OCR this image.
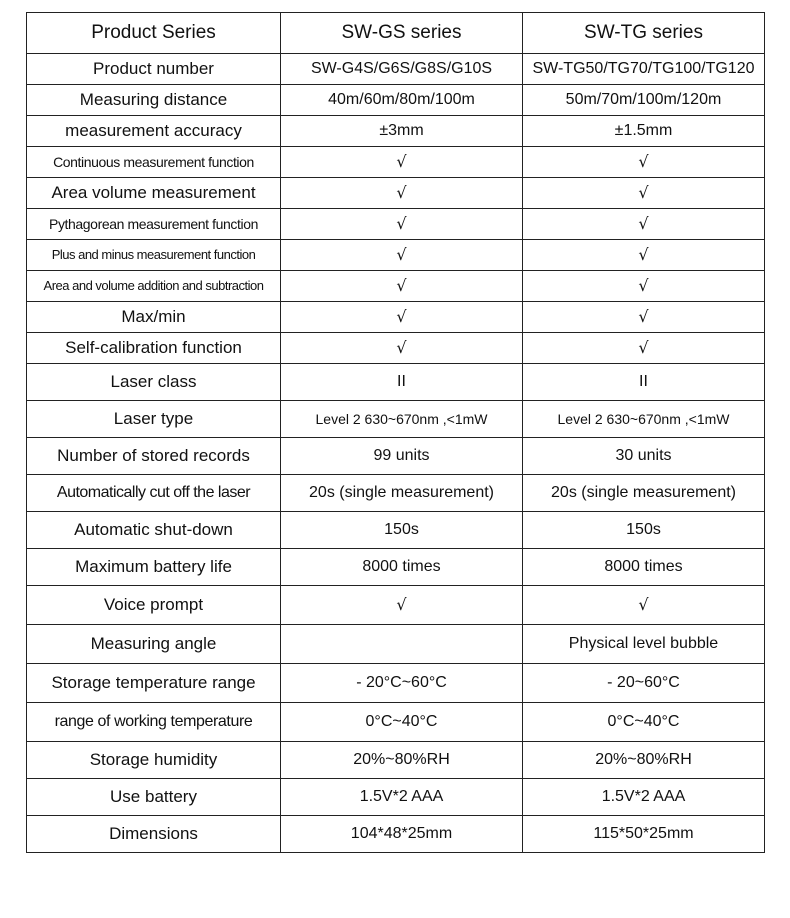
Product Series	SW-GS series	SW-TG series
Product number	SW-G4S/G6S/G8S/G10S	SW-TG50/TG70/TG100/TG120
Measuring distance	40m/60m/80m/100m	50m/70m/100m/120m
measurement accuracy	±3mm	±1.5mm
Continuous measurement function	√	√
Area volume measurement	√	√
Pythagorean measurement function	√	√
Plus and minus measurement function	√	√
Area and volume addition and subtraction	√	√
Max/min	√	√
Self-calibration function	√	√
Laser class	II	II
Laser type	Level 2 630~670nm ,<1mW	Level 2 630~670nm ,<1mW
Number of stored records	99 units	30 units
Automatically cut off the laser	20s (single measurement)	20s (single measurement)
Automatic shut-down	150s	150s
Maximum battery life	8000 times	8000 times
Voice prompt	√	√
Measuring angle		Physical level bubble
Storage temperature range	- 20°C~60°C	- 20~60°C
range of working temperature	0°C~40°C	0°C~40°C
Storage humidity	20%~80%RH	20%~80%RH
Use battery	1.5V*2 AAA	1.5V*2 AAA
Dimensions	104*48*25mm	115*50*25mm
